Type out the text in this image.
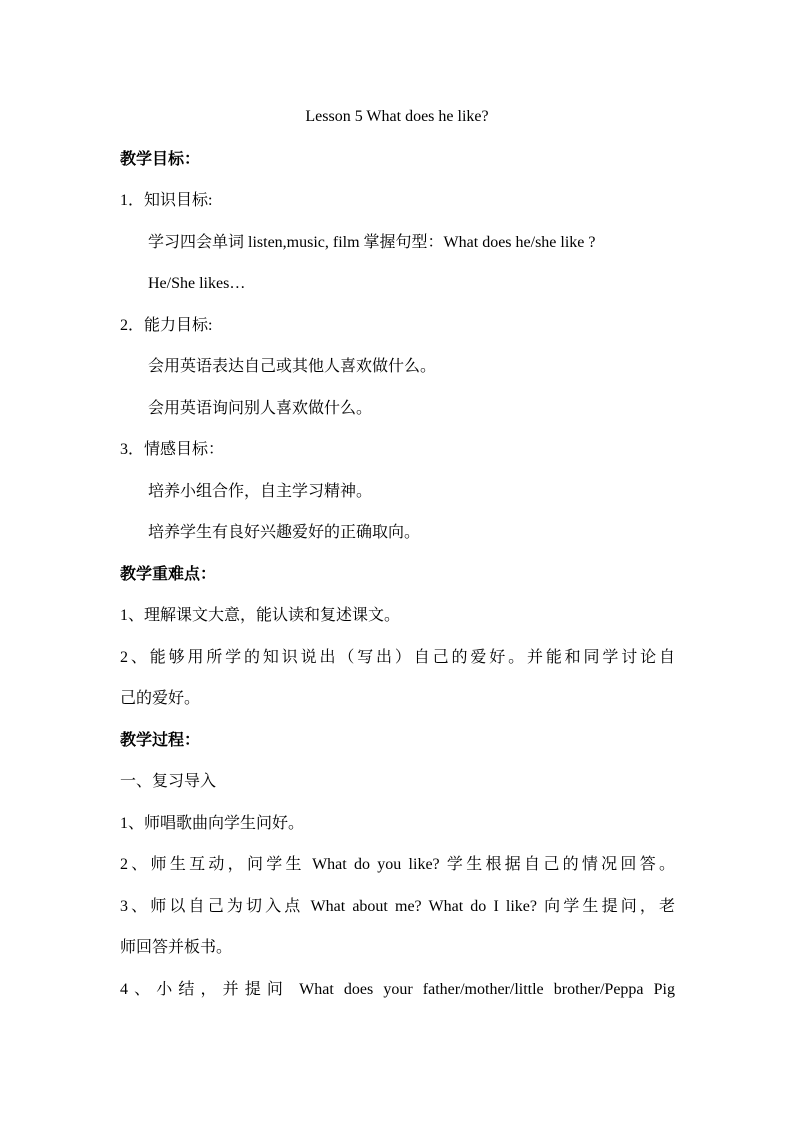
Lesson 5 What does he like?
教学目标：
1．知识目标:
学习四会单词 listen,music, film 掌握句型：What does he/she like ?
He/She likes…
2．能力目标:
会用英语表达自己或其他人喜欢做什么。
会用英语询问别人喜欢做什么。
3．情感目标：
培养小组合作，自主学习精神。
培养学生有良好兴趣爱好的正确取向。
教学重难点：
1、理解课文大意，能认读和复述课文。
2、能够用所学的知识说出（写出）自己的爱好。并能和同学讨论自
己的爱好。
教学过程：
一、复习导入
1、师唱歌曲向学生问好。
2、师生互动，问学生 What do you like? 学生根据自己的情况回答。
3、师以自己为切入点 What about me? What do I like? 向学生提问，老
师回答并板书。
4、小结，并提问 What does your father/mother/little brother/Peppa Pig
